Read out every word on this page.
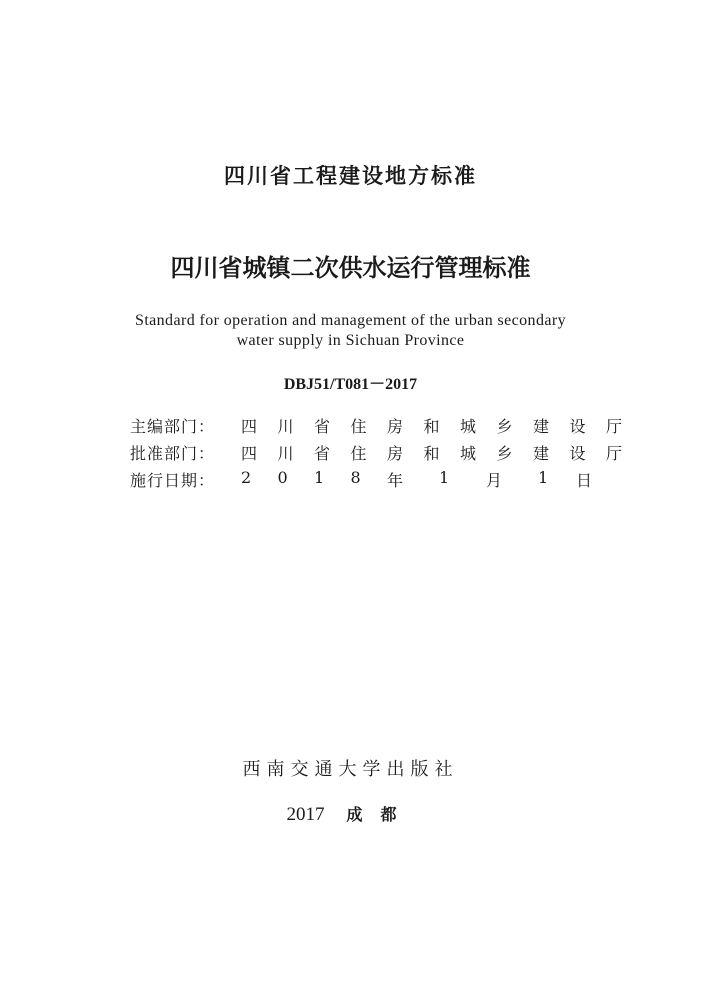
四川省工程建设地方标准
四川省城镇二次供水运行管理标准
Standard for operation and management of the urban secondary
water supply in Sichuan Province
DBJ51/T081－2017
主编部门：	四	川	省	住	房	和	城	乡	建	设	厅
批准部门：	四	川	省	住	房	和	城	乡	建	设	厅
施行日期：	2	0	1	8	年	1	月	1	日
西南交通大学出版社
2017 成都
